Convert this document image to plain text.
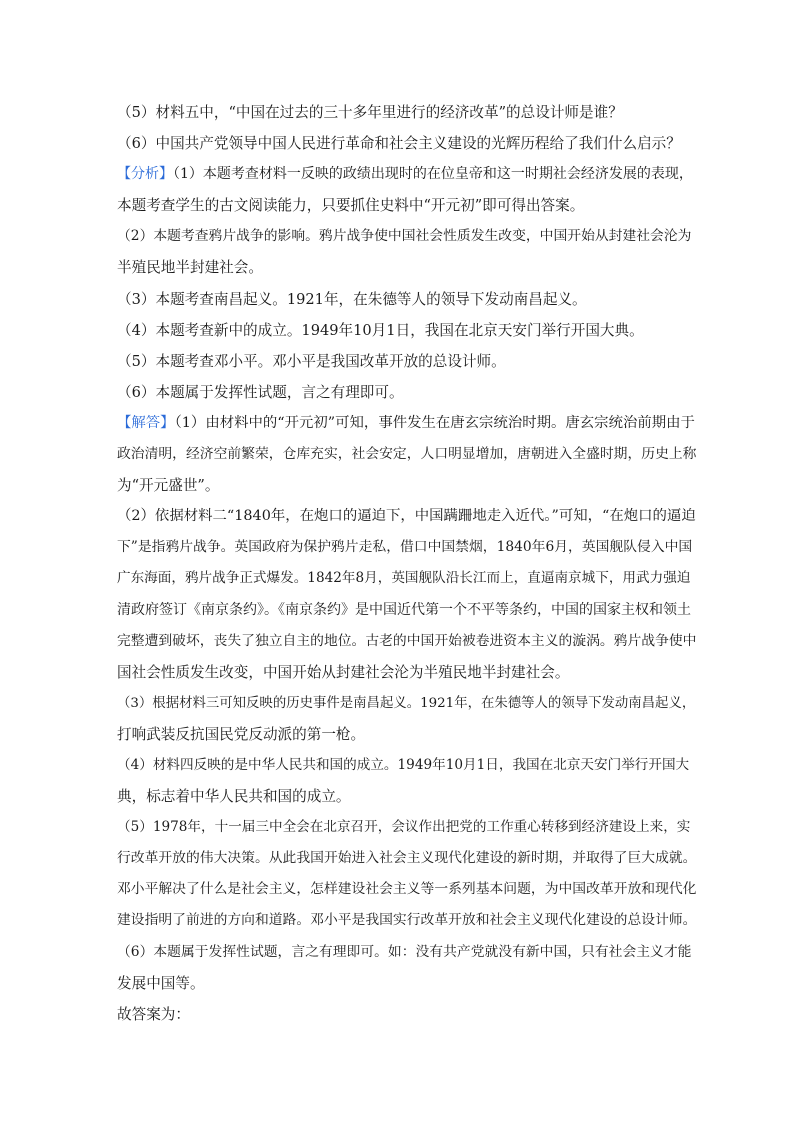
（5）材料五中，“中国在过去的三十多年里进行的经济改革”的总设计师是谁？
（6）中国共产党领导中国人民进行革命和社会主义建设的光辉历程给了我们什么启示？
【分析】（1）本题考查材料一反映的政绩出现时的在位皇帝和这一时期社会经济发展的表现，
本题考查学生的古文阅读能力，只要抓住史料中“开元初”即可得出答案。
（2）本题考查鸦片战争的影响。鸦片战争使中国社会性质发生改变，中国开始从封建社会沦为
半殖民地半封建社会。
（3）本题考查南昌起义。1921年，在朱德等人的领导下发动南昌起义。
（4）本题考查新中的成立。1949年10月1日，我国在北京天安门举行开国大典。
（5）本题考查邓小平。邓小平是我国改革开放的总设计师。
（6）本题属于发挥性试题，言之有理即可。
【解答】（1）由材料中的“开元初”可知，事件发生在唐玄宗统治时期。唐玄宗统治前期由于
政治清明，经济空前繁荣，仓库充实，社会安定，人口明显增加，唐朝进入全盛时期，历史上称
为“开元盛世”。
（2）依据材料二“1840年，在炮口的逼迫下，中国蹒跚地走入近代。”可知，“在炮口的逼迫
下”是指鸦片战争。英国政府为保护鸦片走私，借口中国禁烟，1840年6月，英国舰队侵入中国
广东海面，鸦片战争正式爆发。1842年8月，英国舰队沿长江而上，直逼南京城下，用武力强迫
清政府签订《南京条约》。《南京条约》是中国近代第一个不平等条约，中国的国家主权和领土
完整遭到破坏，丧失了独立自主的地位。古老的中国开始被卷进资本主义的漩涡。鸦片战争使中
国社会性质发生改变，中国开始从封建社会沦为半殖民地半封建社会。
（3）根据材料三可知反映的历史事件是南昌起义。1921年，在朱德等人的领导下发动南昌起义，
打响武装反抗国民党反动派的第一枪。
（4）材料四反映的是中华人民共和国的成立。1949年10月1日，我国在北京天安门举行开国大
典，标志着中华人民共和国的成立。
（5）1978年，十一届三中全会在北京召开，会议作出把党的工作重心转移到经济建设上来，实
行改革开放的伟大决策。从此我国开始进入社会主义现代化建设的新时期，并取得了巨大成就。
邓小平解决了什么是社会主义，怎样建设社会主义等一系列基本问题，为中国改革开放和现代化
建设指明了前进的方向和道路。邓小平是我国实行改革开放和社会主义现代化建设的总设计师。
（6）本题属于发挥性试题，言之有理即可。如：没有共产党就没有新中国，只有社会主义才能
发展中国等。
故答案为：
